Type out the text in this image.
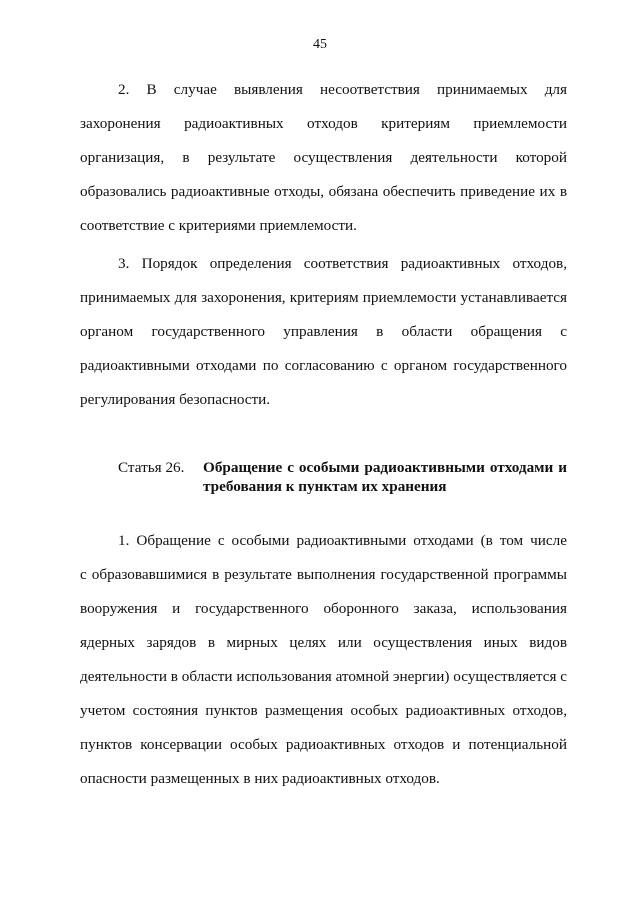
45
2. В случае выявления несоответствия принимаемых для
захоронения радиоактивных отходов критериям приемлемости
организация, в результате осуществления деятельности которой
образовались радиоактивные отходы, обязана обеспечить приведение их в
соответствие с критериями приемлемости.
3. Порядок определения соответствия радиоактивных отходов,
принимаемых для захоронения, критериям приемлемости устанавливается
органом государственного управления в области обращения с
радиоактивными отходами по согласованию с органом государственного
регулирования безопасности.
Статья 26. Обращение с особыми радиоактивными отходами и
требования к пунктам их хранения
1. Обращение с особыми радиоактивными отходами (в том числе
с образовавшимися в результате выполнения государственной программы
вооружения и государственного оборонного заказа, использования
ядерных зарядов в мирных целях или осуществления иных видов
деятельности в области использования атомной энергии) осуществляется с
учетом состояния пунктов размещения особых радиоактивных отходов,
пунктов консервации особых радиоактивных отходов и потенциальной
опасности размещенных в них радиоактивных отходов.
